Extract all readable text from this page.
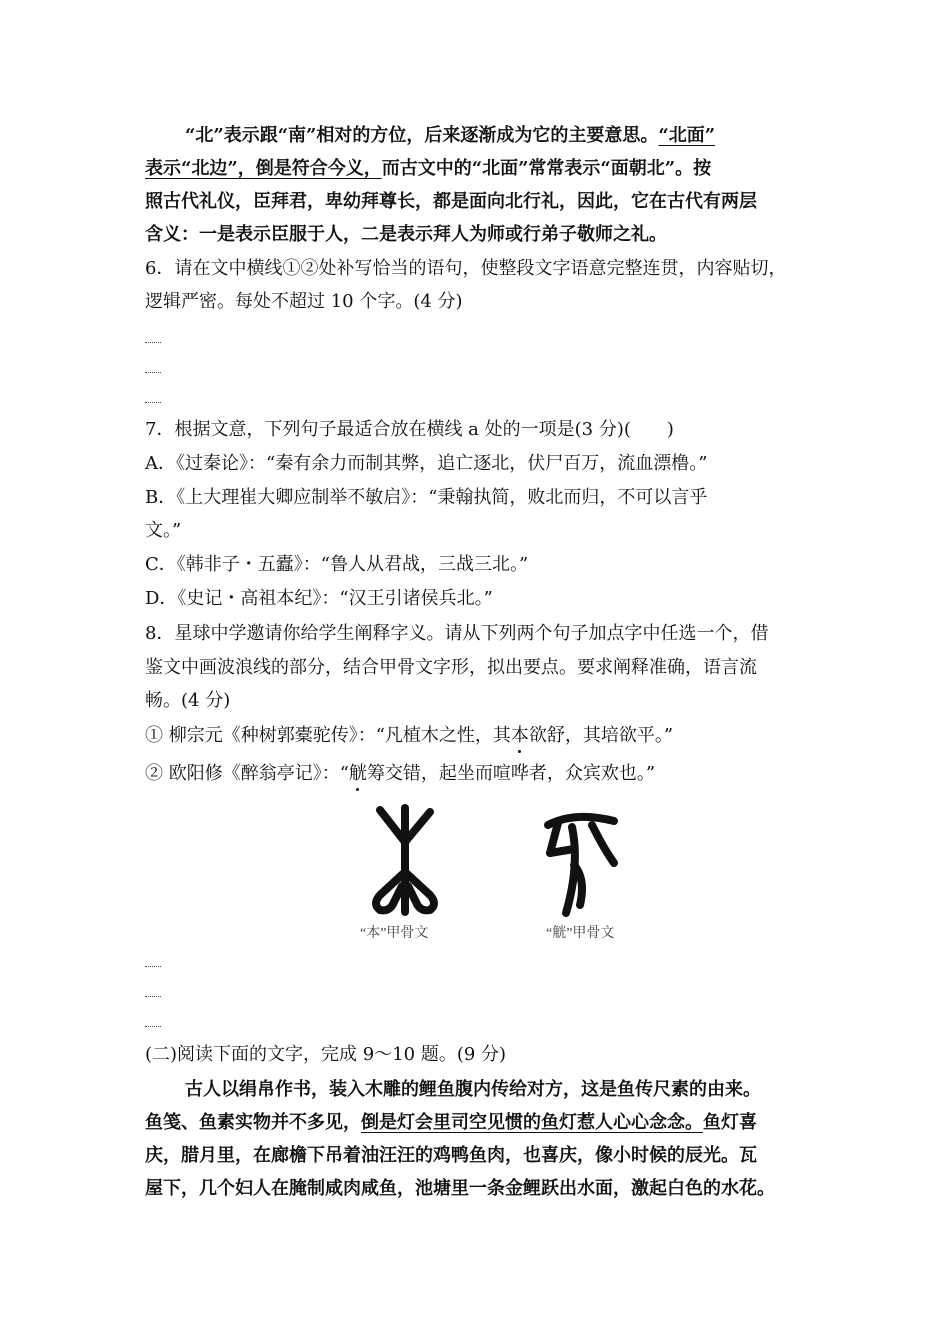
“北”表示跟“南”相对的方位，后来逐渐成为它的主要意思。“北面”
表示“北边”，倒是符合今义，而古文中的“北面”常常表示“面朝北”。按
照古代礼仪，臣拜君，卑幼拜尊长，都是面向北行礼，因此，它在古代有两层
含义：一是表示臣服于人，二是表示拜人为师或行弟子敬师之礼。
6．请在文中横线①②处补写恰当的语句，使整段文字语意完整连贯，内容贴切，
逻辑严密。每处不超过 10 个字。(4 分)
7．根据文意，下列句子最适合放在横线 a 处的一项是(3 分)(　　)
A．《过秦论》：“秦有余力而制其弊，追亡逐北，伏尸百万，流血漂橹。”
B．《上大理崔大卿应制举不敏启》：“秉翰执简，败北而归，不可以言乎
文。”
C．《韩非子・五蠹》：“鲁人从君战，三战三北。”
D．《史记・高祖本纪》：“汉王引诸侯兵北。”
8．星球中学邀请你给学生阐释字义。请从下列两个句子加点字中任选一个，借
鉴文中画波浪线的部分，结合甲骨文字形，拟出要点。要求阐释准确，语言流
畅。(4 分)
① 柳宗元《种树郭橐驼传》：“凡植木之性，其本欲舒，其培欲平。”
② 欧阳修《醉翁亭记》：“觥筹交错，起坐而喧哗者，众宾欢也。”
“本”甲骨文	“觥”甲骨文
(二)阅读下面的文字，完成 9～10 题。(9 分)
古人以绢帛作书，装入木雕的鲤鱼腹内传给对方，这是鱼传尺素的由来。
鱼笺、鱼素实物并不多见，倒是灯会里司空见惯的鱼灯惹人心心念念。鱼灯喜
庆，腊月里，在廊檐下吊着油汪汪的鸡鸭鱼肉，也喜庆，像小时候的辰光。瓦
屋下，几个妇人在腌制咸肉咸鱼，池塘里一条金鲤跃出水面，激起白色的水花。
